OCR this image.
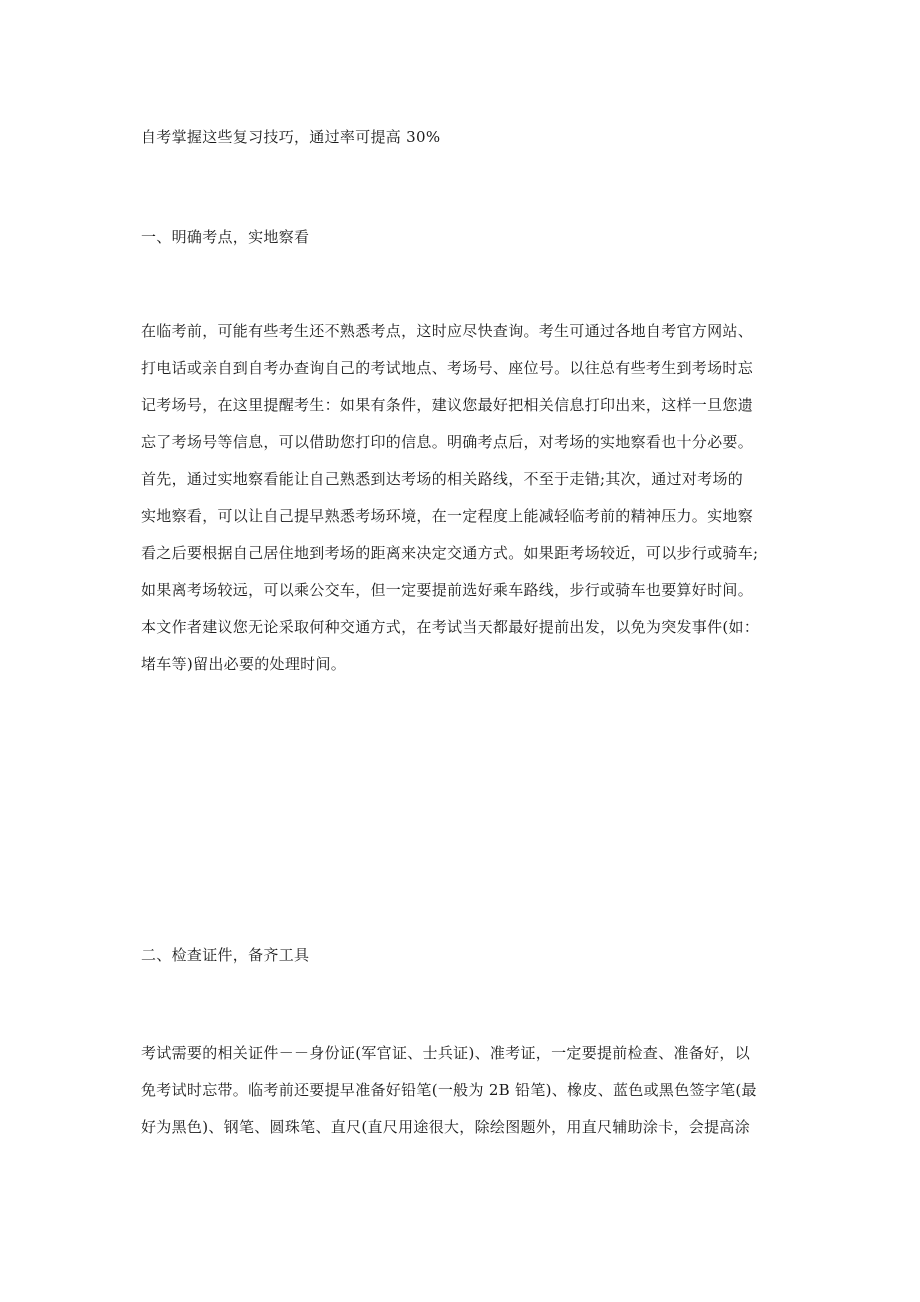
自考掌握这些复习技巧，通过率可提高 30%

一、明确考点，实地察看

在临考前，可能有些考生还不熟悉考点，这时应尽快查询。考生可通过各地自考官方网站、
打电话或亲自到自考办查询自己的考试地点、考场号、座位号。以往总有些考生到考场时忘
记考场号，在这里提醒考生：如果有条件，建议您最好把相关信息打印出来，这样一旦您遗
忘了考场号等信息，可以借助您打印的信息。明确考点后，对考场的实地察看也十分必要。
首先，通过实地察看能让自己熟悉到达考场的相关路线，不至于走错;其次，通过对考场的
实地察看，可以让自己提早熟悉考场环境，在一定程度上能减轻临考前的精神压力。实地察
看之后要根据自己居住地到考场的距离来决定交通方式。如果距考场较近，可以步行或骑车;
如果离考场较远，可以乘公交车，但一定要提前选好乘车路线，步行或骑车也要算好时间。
本文作者建议您无论采取何种交通方式，在考试当天都最好提前出发，以免为突发事件(如：
堵车等)留出必要的处理时间。

二、检查证件，备齐工具

考试需要的相关证件－－身份证(军官证、士兵证)、准考证，一定要提前检查、准备好，以
免考试时忘带。临考前还要提早准备好铅笔(一般为 2B 铅笔)、橡皮、蓝色或黑色签字笔(最
好为黑色)、钢笔、圆珠笔、直尺(直尺用途很大，除绘图题外，用直尺辅助涂卡，会提高涂
